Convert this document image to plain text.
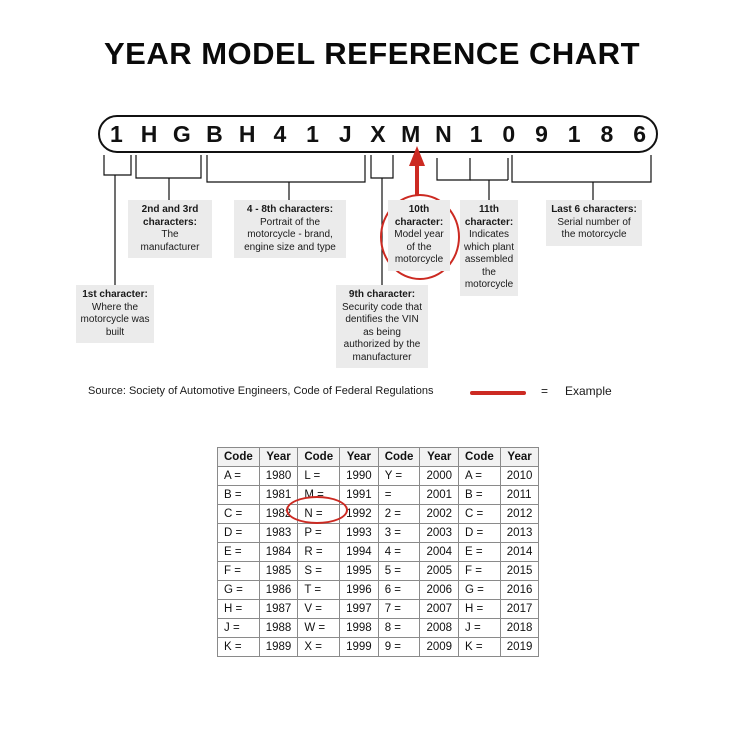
YEAR MODEL REFERENCE CHART
1 H G B H 4 1 J X M N 1 0 9 1 8 6
1st character:
Where the motorcycle was built
2nd and 3rd characters:
The manufacturer
4 - 8th characters:
Portrait of the motorcycle - brand, engine size and type
9th character:
Security code that dentifies the VIN as being authorized by the manufacturer
10th character:
Model year of the motorcycle
11th character:
Indicates which plant assembled the motorcycle
Last 6 characters:
Serial number of the motorcycle
Source: Society of Automotive Engineers, Code of Federal Regulations	= Example
Code	Year	Code	Year	Code	Year	Code	Year
A =	1980	L =	1990	Y =	2000	A =	2010
B =	1981	M =	1991	=	2001	B =	2011
C =	1982	N =	1992	2 =	2002	C =	2012
D =	1983	P =	1993	3 =	2003	D =	2013
E =	1984	R =	1994	4 =	2004	E =	2014
F =	1985	S =	1995	5 =	2005	F =	2015
G =	1986	T =	1996	6 =	2006	G =	2016
H =	1987	V =	1997	7 =	2007	H =	2017
J =	1988	W =	1998	8 =	2008	J =	2018
K =	1989	X =	1999	9 =	2009	K =	2019
